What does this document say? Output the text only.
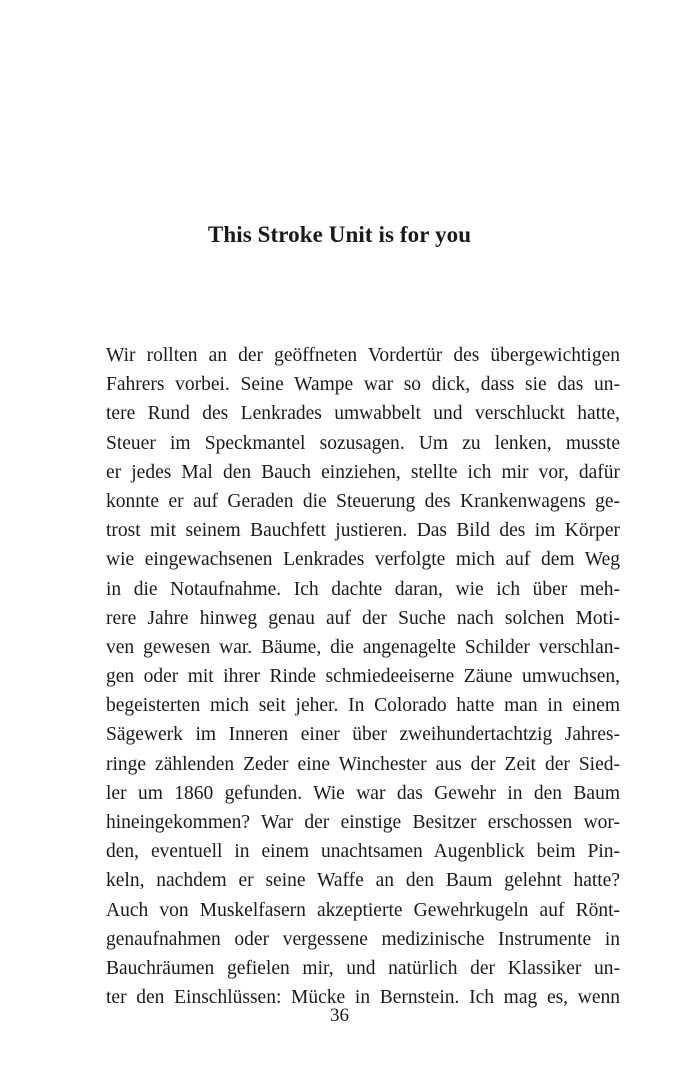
This Stroke Unit is for you
Wir rollten an der geöffneten Vordertür des übergewichtigen
Fahrers vorbei. Seine Wampe war so dick, dass sie das un-
tere Rund des Lenkrades umwabbelt und verschluckt hatte,
Steuer im Speckmantel sozusagen. Um zu lenken, musste
er jedes Mal den Bauch einziehen, stellte ich mir vor, dafür
konnte er auf Geraden die Steuerung des Krankenwagens ge-
trost mit seinem Bauchfett justieren. Das Bild des im Körper
wie eingewachsenen Lenkrades verfolgte mich auf dem Weg
in die Notaufnahme. Ich dachte daran, wie ich über meh-
rere Jahre hinweg genau auf der Suche nach solchen Moti-
ven gewesen war. Bäume, die angenagelte Schilder verschlan-
gen oder mit ihrer Rinde schmiedeeiserne Zäune umwuchsen,
begeisterten mich seit jeher. In Colorado hatte man in einem
Sägewerk im Inneren einer über zweihundertachtzig Jahres-
ringe zählenden Zeder eine Winchester aus der Zeit der Sied-
ler um 1860 gefunden. Wie war das Gewehr in den Baum
hineingekommen? War der einstige Besitzer erschossen wor-
den, eventuell in einem unachtsamen Augenblick beim Pin-
keln, nachdem er seine Waffe an den Baum gelehnt hatte?
Auch von Muskelfasern akzeptierte Gewehrkugeln auf Rönt-
genaufnahmen oder vergessene medizinische Instrumente in
Bauchräumen gefielen mir, und natürlich der Klassiker un-
ter den Einschlüssen: Mücke in Bernstein. Ich mag es, wenn
36
